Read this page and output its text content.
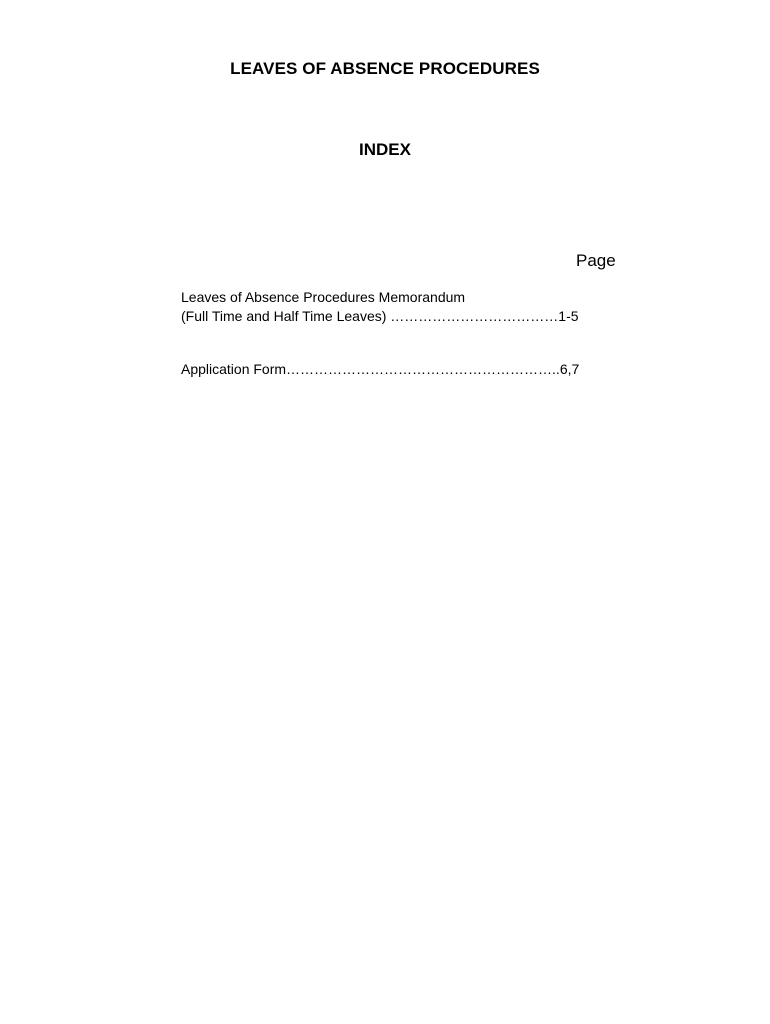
LEAVES OF ABSENCE PROCEDURES
INDEX
Page
Leaves of Absence Procedures Memorandum
(Full Time and Half Time Leaves) ………………………………1-5
Application Form…………………………………………………..6,7
